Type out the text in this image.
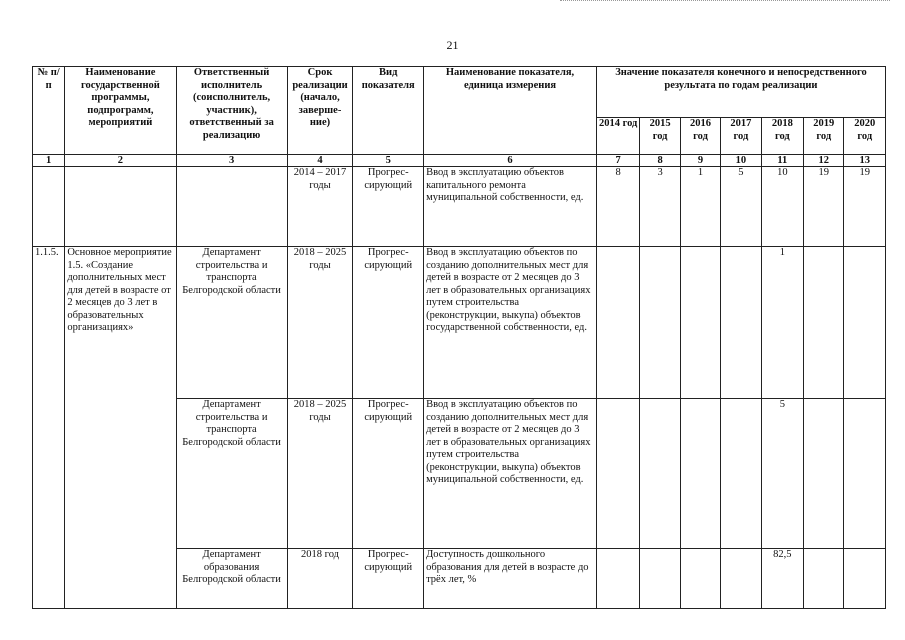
21
№ п/п	Наименование государственной программы, подпрограмм, мероприятий	Ответственный исполнитель (соисполнитель, участник), ответственный за реализацию	Срок реализации (начало, заверше-ние)	Вид показателя	Наименование показателя, единица измерения	Значение показателя конечного и непосредственного результата по годам реализации						
						2014 год	2015 год	2016 год	2017 год	2018 год	2019 год	2020 год
1	2	3	4	5	6	7	8	9	10	11	12	13
			2014 – 2017 годы	Прогрес-сирующий	Ввод в эксплуатацию объектов капитального ремонта муниципальной собственности, ед.	8	3	1	5	10	19	19
1.1.5.	Основное мероприятие 1.5. «Создание дополнительных мест для детей в возрасте от 2 месяцев до 3 лет в образовательных организациях»	Департамент строительства и транспорта Белгородской области	2018 – 2025 годы	Прогрес-сирующий	Ввод в эксплуатацию объектов по созданию дополнительных мест для детей в возрасте от 2 месяцев до 3 лет в образовательных организациях путем строительства (реконструкции, выкупа) объектов государственной собственности, ед.					1		
		Департамент строительства и транспорта Белгородской области	2018 – 2025 годы	Прогрес-сирующий	Ввод в эксплуатацию объектов по созданию дополнительных мест для детей в возрасте от 2 месяцев до 3 лет в образовательных организациях путем строительства (реконструкции, выкупа) объектов муниципальной собственности, ед.					5		
		Департамент образования Белгородской области	2018 год	Прогрес-сирующий	Доступность дошкольного образования для детей в возрасте до трёх лет, %					82,5		
